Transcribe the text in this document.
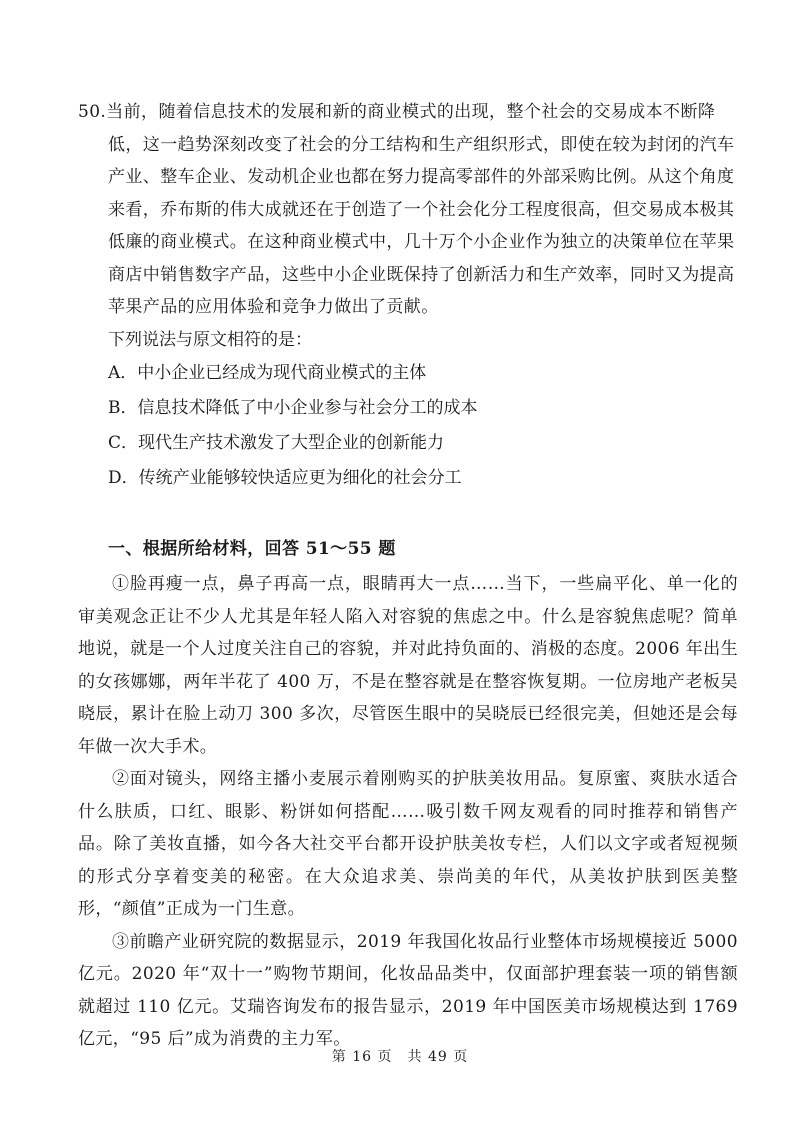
50.当前，随着信息技术的发展和新的商业模式的出现，整个社会的交易成本不断降低，这一趋势深刻改变了社会的分工结构和生产组织形式，即使在较为封闭的汽车产业、整车企业、发动机企业也都在努力提高零部件的外部采购比例。从这个角度来看，乔布斯的伟大成就还在于创造了一个社会化分工程度很高，但交易成本极其低廉的商业模式。在这种商业模式中，几十万个小企业作为独立的决策单位在苹果商店中销售数字产品，这些中小企业既保持了创新活力和生产效率，同时又为提高苹果产品的应用体验和竞争力做出了贡献。

下列说法与原文相符的是：

A．中小企业已经成为现代商业模式的主体
B．信息技术降低了中小企业参与社会分工的成本
C．现代生产技术激发了大型企业的创新能力
D．传统产业能够较快适应更为细化的社会分工

一、根据所给材料，回答 51～55 题

①脸再瘦一点，鼻子再高一点，眼睛再大一点……当下，一些扁平化、单一化的审美观念正让不少人尤其是年轻人陷入对容貌的焦虑之中。什么是容貌焦虑呢？简单地说，就是一个人过度关注自己的容貌，并对此持负面的、消极的态度。2006 年出生的女孩娜娜，两年半花了 400 万，不是在整容就是在整容恢复期。一位房地产老板吴晓辰，累计在脸上动刀 300 多次，尽管医生眼中的吴晓辰已经很完美，但她还是会每年做一次大手术。

②面对镜头，网络主播小麦展示着刚购买的护肤美妆用品。复原蜜、爽肤水适合什么肤质，口红、眼影、粉饼如何搭配……吸引数千网友观看的同时推荐和销售产品。除了美妆直播，如今各大社交平台都开设护肤美妆专栏，人们以文字或者短视频的形式分享着变美的秘密。在大众追求美、崇尚美的年代，从美妆护肤到医美整形，“颜值”正成为一门生意。

③前瞻产业研究院的数据显示，2019 年我国化妆品行业整体市场规模接近 5000 亿元。2020 年“双十一”购物节期间，化妆品品类中，仅面部护理套装一项的销售额就超过 110 亿元。艾瑞咨询发布的报告显示，2019 年中国医美市场规模达到 1769 亿元，“95 后”成为消费的主力军。

第 16 页　共 49 页
